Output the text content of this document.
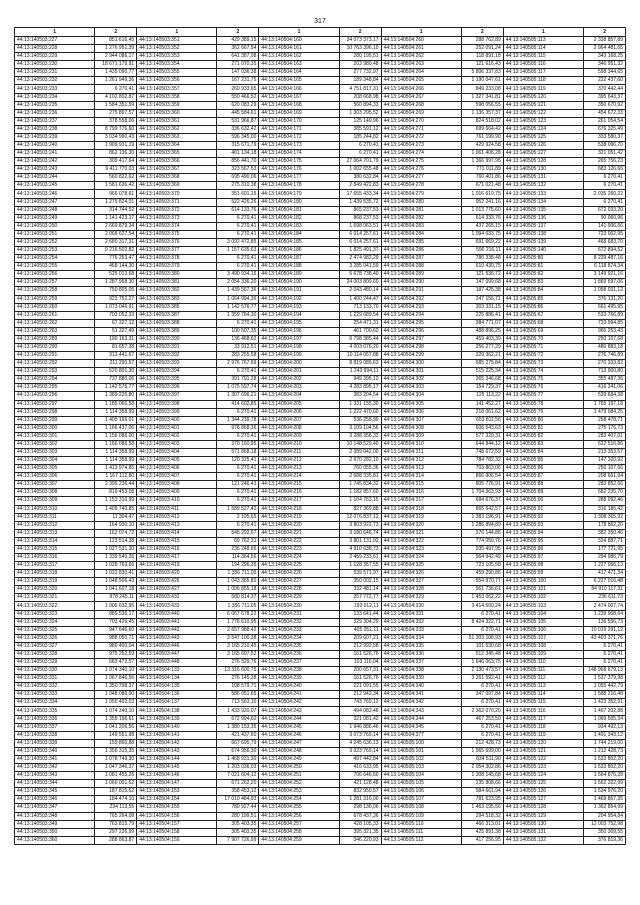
317
1	2	1	2	1	2	1	2	1	2
44:13:140503:227	851 616,45	44:13:140503:351	429 389,15	44:13:140504:160	34 073 373,17	44:13:140504:260	288 762,89	44:13:140505:113	2 338 857,89
44:13:140503:228	1 276 951,39	44:13:140503:352	362 667,54	44:13:140504:161	10 763 396,10	44:13:140504:261	252 091,24	44:13:140505:114	2 964 481,65
44:13:140503:229	2 944 086,17	44:13:140503:353	641 387,08	44:13:140504:162	280 195,51	44:13:140504:262	118 891,18	44:13:140505:115	343 168,25
44:13:140503:230	18 671 179,91	44:13:140503:354	271 070,35	44:13:140504:163	203 980,48	44:13:140504:263	121 616,43	44:13:140505:116	346 951,32
44:13:140503:231	1 435 090,77	44:13:140503:355	147 036,38	44:13:140504:164	277 732,97	44:13:140504:264	5 806 337,83	44:13:140505:117	598 344,65
44:13:140503:232	1 261 949,36	44:13:140503:356	167 231,75	44:13:140504:165	189 348,84	44:13:140504:265	1 190 047,61	44:13:140505:118	222 437,60
44:13:140503:233	6 270,41	44:13:140503:357	260 933,65	44:13:140504:166	4 751 817,31	44:13:140504:266	849 233,08	44:13:140505:119	370 442,44
44:13:140503:234	4 102 802,87	44:13:140503:358	550 466,52	44:13:140504:167	208 668,98	44:13:140504:267	1 327 341,81	44:13:140505:120	395 643,37
44:13:140503:235	1 584 351,59	44:13:140503:359	620 083,29	44:13:140504:168	560 894,33	44:13:140504:268	598 056,55	44:13:140505:121	350 670,92
44:13:140503:236	275 897,57	44:13:140503:360	445 584,61	44:13:140504:169	1 303 295,52	44:13:140504:269	1 136 357,37	44:13:140505:122	454 672,33
44:13:140503:237	378 558,06	44:13:140503:361	531 966,87	44:13:140504:170	125 149,96	44:13:140504:270	824 518,02	44:13:140505:123	261 054,54
44:13:140503:238	8 799 776,60	44:13:140503:362	336 632,42	44:13:140504:171	385 591,12	44:13:140504:271	699 664,42	44:13:140505:124	676 325,49
44:13:140503:239	3 034 990,43	44:13:140503:363	596 345,00	44:13:140504:172	185 244,82	44:13:140504:272	761 199,90	44:13:140505:125	333 580,37
44:13:140503:240	1 909 931,19	44:13:140503:364	315 671,79	44:13:140504:173	6 270,41	44:13:140504:273	429 924,58	44:13:140505:126	538 096,70
44:13:140503:241	862 136,30	44:13:140503:365	401 134,18	44:13:140504:174	6 270,41	44:13:140504:274	1 061 406,28	44:13:140505:127	321 051,42
44:13:140503:242	309 417,64	44:13:140503:366	856 441,70	44:13:140504:175	27 064 701,79	44:13:140504:275	1 366 997,95	44:13:140505:128	265 756,23
44:13:140503:243	9 411 770,03	44:13:140503:367	323 567,53	44:13:140504:176	1 002 655,48	44:13:140504:276	771 011,89	44:13:140505:130	683 126,66
44:13:140503:244	560 822,62	44:13:140503:368	695 490,06	44:13:140504:177	380 632,84	44:13:140504:277	760 401,86	44:13:140505:131	6 270,41
44:13:140503:245	1 581 636,42	44:13:140503:369	275 310,38	44:13:140504:178	2 849 422,83	44:13:140504:278	671 021,48	44:13:140505:132	6 270,41
44:13:140503:246	966 078,61	44:13:140503:370	351 601,15	44:13:140504:179	17 655 433,34	44:13:140504:279	1 016 610,75	44:13:140505:133	2 035 260,22
44:13:140503:247	1 275 824,01	44:13:140503:371	522 426,26	44:13:140504:180	1 439 535,72	44:13:140504:280	952 241,16	44:13:140505:134	6 270,41
44:13:140503:248	314 744,52	44:13:140503:372	614 133,76	44:13:140504:181	865 237,53	44:13:140504:281	1 013 775,60	44:13:140505:135	672 033,20
44:13:140503:249	1 141 423,17	44:13:140503:373	6 270,41	44:13:140504:182	868 237,53	44:13:140504:282	614 333,76	44:13:140505:136	90 060,96
44:13:140503:250	2 669 879,34	44:13:140503:374	6 270,41	44:13:140504:183	1 698 063,51	44:13:140504:283	437 265,15	44:13:140505:137	141 906,56
44:13:140503:251	2 068 627,54	44:13:140503:375	6 270,41	44:13:140504:184	6 014 257,61	44:13:140504:284	1 094 033,75	44:13:140505:138	723 002,95
44:13:140503:252	2 680 317,31	44:13:140503:376	3 092 472,85	44:13:140504:185	6 014 257,61	44:13:140504:285	691 669,22	44:13:140505:139	468 683,70
44:13:140503:253	9 216 502,82	44:13:140503:377	1 157 635,63	44:13:140504:186	1 825 491,37	44:13:140504:286	590 216,11	44:13:140505:140	672 894,52
44:13:140503:254	776 253,47	44:13:140503:378	6 270,41	44:13:140504:187	2 474 982,29	44:13:140504:287	786 338,48	44:13:140505:80	8 229 487,16
44:13:140503:255	468 144,30	44:13:140503:379	6 270,41	44:13:140504:188	3 285 041,59	44:13:140504:288	610 430,75	44:13:140505:81	6 118 874,34
44:13:140503:256	525 013,68	44:13:140503:380	3 490 934,16	44:13:140504:189	6 678 738,40	44:13:140504:289	121 536,72	44:13:140505:82	3 149 921,16
44:13:140503:257	1 287 958,30	44:13:140503:381	2 054 336,20	44:13:140504:190	24 003 809,60	44:13:140504:290	147 099,68	44:13:140505:83	1 869 697,06
44:13:140503:258	750 805,05	44:13:140503:382	1 439 567,36	44:13:140504:191	2 043 480,14	44:13:140504:291	187 425,38	44:13:140505:84	1 058 031,12
44:13:140503:259	923 752,27	44:13:140503:383	1 064 994,36	44:13:140504:192	1 400 244,47	44:13:140504:292	247 156,71	44:13:140505:85	376 131,20
44:13:140503:260	1 073 046,91	44:13:140503:385	1 142 576,77	44:13:140504:193	713 133,70	44:13:140504:293	303 331,15	44:13:140505:86	661 495,95
44:13:140503:261	703 052,33	44:13:140503:387	1 359 764,30	44:13:140504:194	1 229 689,54	44:13:140504:294	225 886,41	44:13:140505:67	533 766,89
44:13:140503:262	67 327,12	44:13:140503:388	6 270,41	44:13:140504:195	254 471,31	44:13:140504:295	384 771,07	44:13:140505:68	733 994,85
44:13:140503:263	51 327,49	44:13:140503:389	100 507,35	44:13:140504:196	461 700,62	44:13:140504:296	488 896,25	44:13:140505:69	965 253,43
44:13:140503:289	190 163,31	44:13:140503:390	136 468,62	44:13:140504:197	6 798 385,44	44:13:140504:297	459 403,39	44:13:140505:70	250 107,68
44:13:140503:290	81 657,38	44:13:140503:391	33 912,51	44:13:140504:198	4 003 076,20	44:13:140504:298	256 277,29	44:13:140505:71	480 883,18
44:13:140503:291	313 441,67	44:13:140503:392	283 255,58	44:13:140504:199	10 114 067,88	44:13:140504:299	329 362,21	44:13:140505:72	276 746,89
44:13:140503:292	211 290,57	44:13:140503:393	2 976 767,69	44:13:140504:200	8 819 085,63	44:13:140504:300	685 275,84	44:13:140505:73	270 333,82
44:13:140503:293	520 801,30	44:13:140503:394	6 270,41	44:13:140504:201	1 243 994,11	44:13:140504:301	515 225,34	44:13:140505:74	713 900,80
44:13:140503:294	737 880,06	44:13:140503:395	391 791,28	44:13:140504:202	949 395,12	44:13:140504:302	365 346,68	44:13:140505:75	355 487,36
44:13:140503:295	1 142 576,77	44:13:140503:396	1 075 597,74	44:13:140504:203	4 283 895,17	44:13:140504:303	154 729,37	44:13:140505:76	416 241,06
44:13:140503:296	1 389 225,80	44:13:140503:397	1 307 696,21	44:13:140504:204	383 204,54	44:13:140504:304	125 113,22	44:13:140505:77	539 684,38
44:13:140503:297	1 185 066,58	44:13:140503:398	414 602,85	44:13:140504:205	1 331 155,30	44:13:140504:305	141 452,27	44:13:140505:78	1 765 197,18
44:13:140503:298	1 114 358,99	44:13:140503:399	6 270,41	44:13:140504:206	1 222 470,60	44:13:140504:306	218 061,62	44:13:140505:79	1 479 084,25
44:13:140503:299	1 405 166,01	44:13:140503:400	1 344 239,78	44:13:140504:207	536 258,99	44:13:140504:307	653 811,56	44:13:140505:80	258 478,71
44:13:140503:300	1 166 437,06	44:13:140503:401	976 868,36	44:13:140504:208	3 109 104,56	44:13:140504:308	606 543,63	44:13:140505:81	275 176,73
44:13:140503:301	1 156 086,00	44:13:140503:402	6 270,41	44:13:140504:209	3 288 356,33	44:13:140504:309	577 329,31	44:13:140505:82	283 407,01
44:13:140503:302	1 166 086,58	44:13:140503:403	370 160,95	44:13:140504:210	10 148 529,40	44:13:140504:310	644 844,12	44:13:140505:83	622 516,86
44:13:140503:303	1 114 358,99	44:13:140503:404	571 868,18	44:13:140504:211	2 389 042,00	44:13:140504:311	748 672,59	44:13:140505:84	213 353,57
44:13:140503:304	1 114 358,99	44:13:140503:405	120 325,41	44:13:140504:212	2 970 282,10	44:13:140504:312	784 782,32	44:13:140505:85	147 320,92
44:13:140503:305	1 413 974,85	44:13:140503:406	6 270,41	44:13:140504:213	760 055,36	44:13:140504:313	703 863,06	44:13:140505:86	250 107,66
44:13:140503:306	1 167 112,80	44:13:140503:407	6 270,41	44:13:140504:214	2 688 335,81	44:13:140504:314	866 906,54	44:13:140505:87	208 661,94
44:13:140503:307	2 395 236,44	44:13:140503:408	121 246,43	44:13:140504:215	1 745 834,32	44:13:140504:315	805 776,91	44:13:140505:88	283 852,66
44:13:140503:308	819 453,08	44:13:140503:409	6 270,41	44:13:140504:216	1 182 857,60	44:13:140504:316	1 704 363,93	44:13:140505:89	682 235,70
44:13:140503:309	1 153 310,99	44:13:140503:410	6 270,41	44:13:140504:217	1 104 763,15	44:13:140504:317	684 676,37	44:13:140505:90	288 092,46
44:13:140503:310	1 409 740,85	44:13:140503:411	1 589 527,42	44:13:140504:218	827 369,88	44:13:140504:318	865 642,57	44:13:140505:91	316 186,42
44:13:140503:311	11 304,47	44:13:140503:412	2 195,65	44:13:140504:219	12 076 837,12	44:13:140504:319	1 383 196,91	44:13:140505:92	1 308 365,92
44:13:140503:312	164 930,10	44:13:140503:413	6 270,41	44:13:140504:220	3 803 922,73	44:13:140504:320	1 286 894,89	44:13:140505:93	178 862,20
44:13:140503:313	162 074,72	44:13:140503:414	545 292,67	44:13:140504:221	3 180 646,74	44:13:140504:321	376 144,86	44:13:140505:94	382 350,46
44:13:140503:314	123 514,38	44:13:140503:415	69 762,31	44:13:140504:222	3 801 131,92	44:13:140504:322	774 050,76	44:13:140505:95	324 887,71
44:13:140503:315	1 027 531,30	44:13:140503:416	236 248,66	44:13:140504:223	4 910 638,73	44:13:140504:323	935 497,95	44:13:140505:96	177 721,95
44:13:140503:316	1 339 540,26	44:13:140503:417	114 364,56	44:13:140504:224	2 459 233,61	44:13:140504:324	564 942,49	44:13:140505:97	294 986,79
44:13:140503:317	1 028 763,66	44:13:140503:419	194 296,35	44:13:140504:225	1 128 357,55	44:13:140504:325	723 105,58	44:13:140505:98	1 227 066,13
44:13:140503:318	1 022 830,41	44:13:140503:420	1 356 711,05	44:13:140504:226	539 571,97	44:13:140504:326	459 290,86	44:13:140505:99	417 471,34
44:13:140503:319	1 048 506,43	44:13:140503:426	1 043 365,80	44:13:140504:227	350 002,15	44:13:140504:327	554 970,77	44:13:140505:100	6 227 016,48
44:13:140503:320	1 041 607,18	44:13:140503:427	1 006 855,18	44:13:140504:228	332 481,14	44:13:140504:328	561 736,61	44:13:140505:101	84 910 117,31
44:13:140503:321	978 245,11	44:13:140503:432	580 814,37	44:13:140504:229	257 772,77	44:13:140504:329	1 453 062,22	44:13:140505:102	236 611,73
44:13:140503:322	1 005 632,95	44:13:140503:433	1 356 711,05	44:13:140504:230	192 012,11	44:13:140504:330	3 414 500,24	44:13:140505:103	2 474 007,74
44:13:140503:323	889 536,17	44:13:140503:440	6 067 678,22	44:13:140504:231	133 641,44	44:13:140504:331	6 270,41	44:13:140505:104	1 239 908,64
44:13:140503:324	703 426,45	44:13:140503:441	1 776 610,95	44:13:140504:232	329 304,29	44:13:140504:332	8 424 322,71	44:13:140505:105	136 556,73
44:13:140503:325	947 646,60	44:13:140503:442	2 657 988,42	44:13:140504:233	405 051,11	44:13:140504:333	6 270,41	44:13:140505:106	10 019 291,12
44:13:140503:326	988 050,71	44:13:140503:443	3 547 100,38	44:13:140504:234	209 607,21	44:13:140504:334	51 303 108,93	44:13:140505:107	43 403 371,76
44:13:140503:327	980 400,04	44:13:140503:446	3 165 210,45	44:13:140504:235	212 992,58	44:13:140504:335	101 530,68	44:13:140505:108	6 270,41
44:13:140503:328	975 252,59	44:13:140503:447	3 165 607,52	44:13:140504:236	161 526,76	44:13:140504:336	512 345,48	44:13:140505:109	6 270,41
44:13:140503:329	683 472,57	44:13:140503:448	276 329,76	44:13:140504:237	103 116,04	44:13:140504:337	1 646 063,75	44:13:140505:110	6 270,41
44:13:140503:330	1 074 340,10	44:13:140504:133	13 316 600,75	44:13:140504:238	200 657,31	44:13:140504:338	2 130 473,57	44:13:140505:111	148 968 679,13
44:13:140503:331	1 067 846,56	44:13:140504:134	276 145,38	44:13:140504:239	161 526,76	44:13:140504:339	3 261 592,41	44:13:140505:112	1 537 379,98
44:13:140503:332	1 350 798,37	44:13:140504:135	108 579,71	44:13:140504:240	221 091,55	44:13:140504:340	6 270,41	44:13:140505:113	1 055 442,79
44:13:140503:333	1 048 086,00	44:13:140504:136	586 051,65	44:13:140504:241	212 942,34	44:13:140504:341	347 097,84	44:13:140505:114	1 588 216,48
44:13:140503:334	1 055 492,03	44:13:140504:137	713 563,10	44:13:140504:242	743 769,12	44:13:140504:342	6 270,41	44:13:140505:115	1 423 352,91
44:13:140503:335	1 074 340,10	44:13:140504:138	1 433 920,07	44:13:140504:243	494 082,46	44:13:140504:343	2 362 070,20	44:13:140505:116	1 467 202,88
44:13:140503:336	1 355 196,61	44:13:140504:139	672 994,60	44:13:140504:244	321 081,42	44:13:140504:344	467 253,50	44:13:140505:117	1 069 505,34
44:13:140503:337	1 041 206,56	44:13:140504:140	1 380 153,35	44:13:140504:245	1 946 886,46	44:13:140504:345	6 270,41	44:13:140505:118	934 492,13
44:13:140503:338	149 551,98	44:13:140504:141	421 437,60	44:13:140504:246	3 073 769,14	44:13:140504:377	6 270,41	44:13:140505:119	1 491 343,12
44:13:140503:339	159 860,88	44:13:140504:142	667 695,79	44:13:140504:247	4 245 636,13	44:13:140505:100	212 428,73	44:13:140505:120	1 744 219,00
44:13:140503:340	1 356 315,35	44:13:140504:143	674 956,30	44:13:140504:248	3 023 769,14	44:13:140505:101	1 965 699,00	44:13:140505:121	1 212 428,73
44:13:140503:341	1 078 749,30	44:13:140504:144	1 468 931,30	44:13:140504:249	497 442,84	44:13:140505:102	834 511,90	44:13:140505:122	1 533 802,20
44:13:140503:342	1 047 346,37	44:13:140504:145	1 203 036,03	44:13:140504:250	416 633,95	44:13:140505:103	2 054 302,86	44:13:140505:123	1 533 802,20
44:13:140503:343	1 081 455,26	44:13:140504:146	7 021 604,12	44:13:140504:251	706 646,50	44:13:140505:104	1 308 145,68	44:13:140505:124	1 564 876,28
44:13:140503:344	1 060 001,62	44:13:140504:147	671 262,20	44:13:140504:252	421 128,48	44:13:140505:105	235 808,66	44:13:140505:125	1 562 322,99
44:13:140503:345	187 815,62	44:13:140504:153	358 453,12	44:13:140504:253	832 950,57	44:13:140505:106	584 661,94	44:13:140505:126	1 534 976,20
44:13:140503:346	184 474,10	44:13:140504:154	17 010 484,93	44:13:140504:254	1 281 316,00	44:13:140505:107	781 623,95	44:13:140505:127	1 469 867,35
44:13:140503:347	234 113,55	44:13:140504:155	780 927,44	44:13:140504:255	298 136,06	44:13:140505:108	1 463 195,56	44:13:140505:128	1 362 854,99
44:13:140503:348	765 264,08	44:13:140504:156	280 199,51	44:13:140504:256	678 437,36	44:13:140505:109	294 518,32	44:13:140505:129	204 954,84
44:13:140503:349	763 815,79	44:13:140504:157	305 403,35	44:13:140504:257	428 105,33	44:13:140505:110	466 313,01	44:13:140505:130	12 003 752,98
44:13:140503:350	297 226,99	44:13:140504:158	305 403,35	44:13:140504:258	395 321,35	44:13:140505:111	425 891,38	44:13:140505:131	350 309,55
44:13:140503:360	288 863,87	44:13:140504:159	7 907 726,99	44:13:140504:259	346 220,93	44:13:140505:112	417 256,95	44:13:140505:132	376 819,36
